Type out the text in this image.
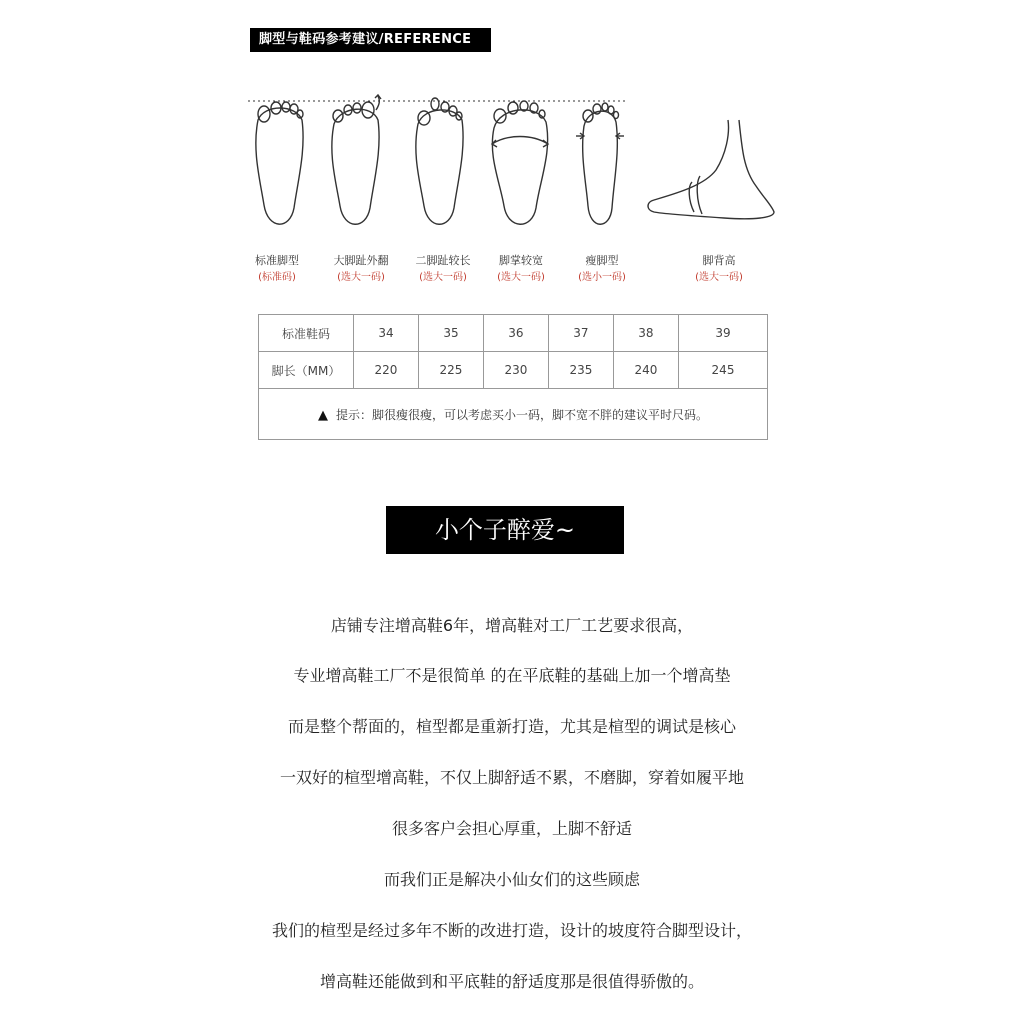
脚型与鞋码参考建议/REFERENCE
标准脚型
(标准码)
大脚趾外翻
(选大一码)
二脚趾较长
(选大一码)
脚掌较宽
(选大一码)
瘦脚型
(选小一码)
脚背高
(选大一码)
标准鞋码	34	35	36	37	38	39
脚长（MM）	220	225	230	235	240	245
▲ 提示：脚很瘦很瘦，可以考虑买小一码，脚不宽不胖的建议平时尺码。						
小个子醉爱~
店铺专注增高鞋6年，增高鞋对工厂工艺要求很高，
专业增高鞋工厂不是很简单 的在平底鞋的基础上加一个增高垫
而是整个帮面的，楦型都是重新打造，尤其是楦型的调试是核心
一双好的楦型增高鞋，不仅上脚舒适不累，不磨脚，穿着如履平地
很多客户会担心厚重，上脚不舒适
而我们正是解决小仙女们的这些顾虑
我们的楦型是经过多年不断的改进打造，设计的坡度符合脚型设计，
增高鞋还能做到和平底鞋的舒适度那是很值得骄傲的。
